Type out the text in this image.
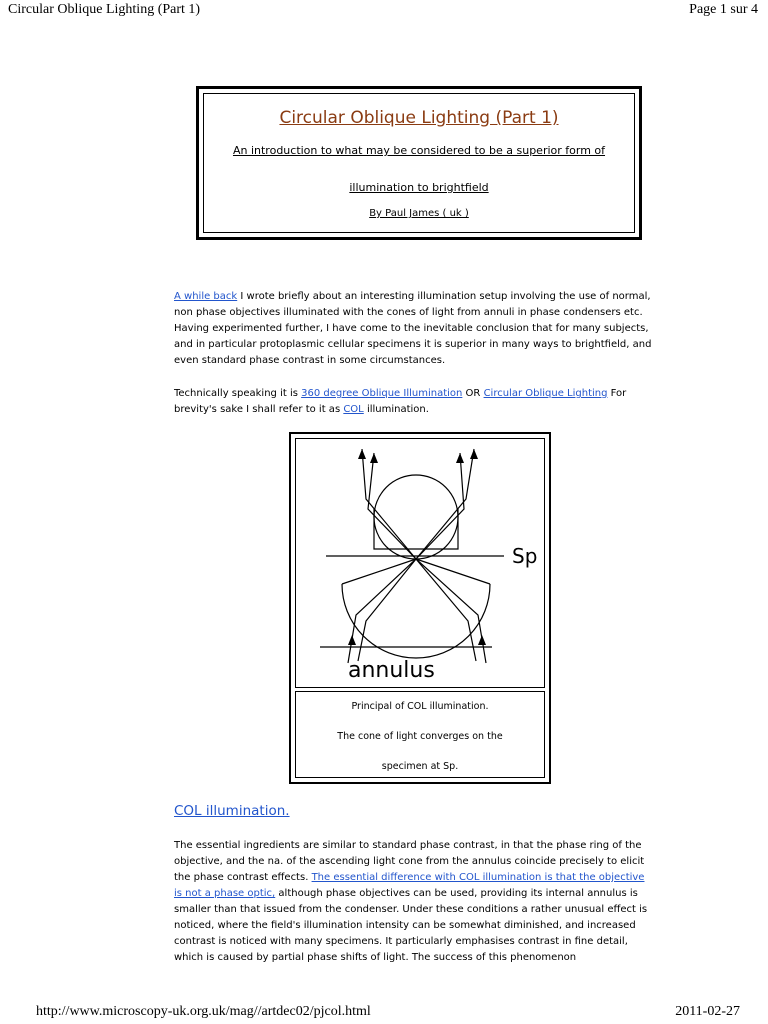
Circular Oblique Lighting (Part 1)	Page 1 sur 4
Circular Oblique Lighting (Part 1)
An introduction to what may be considered to be a superior form of
illumination to brightfield
By Paul James ( uk )

A while back I wrote briefly about an interesting illumination setup involving the use of normal, non phase objectives illuminated with the cones of light from annuli in phase condensers etc. Having experimented further, I have come to the inevitable conclusion that for many subjects, and in particular protoplasmic cellular specimens it is superior in many ways to brightfield, and even standard phase contrast in some circumstances.

Technically speaking it is 360 degree Oblique Illumination OR Circular Oblique Lighting For brevity's sake I shall refer to it as COL illumination.

Sp
annulus
Principal of COL illumination.
The cone of light converges on the
specimen at Sp.
COL illumination.

The essential ingredients are similar to standard phase contrast, in that the phase ring of the objective, and the na. of the ascending light cone from the annulus coincide precisely to elicit the phase contrast effects. The essential difference with COL illumination is that the objective is not a phase optic, although phase objectives can be used, providing its internal annulus is smaller than that issued from the condenser. Under these conditions a rather unusual effect is noticed, where the field's illumination intensity can be somewhat diminished, and increased contrast is noticed with many specimens. It particularly emphasises contrast in fine detail, which is caused by partial phase shifts of light. The success of this phenomenon

http://www.microscopy-uk.org.uk/mag//artdec02/pjcol.html	2011-02-27
